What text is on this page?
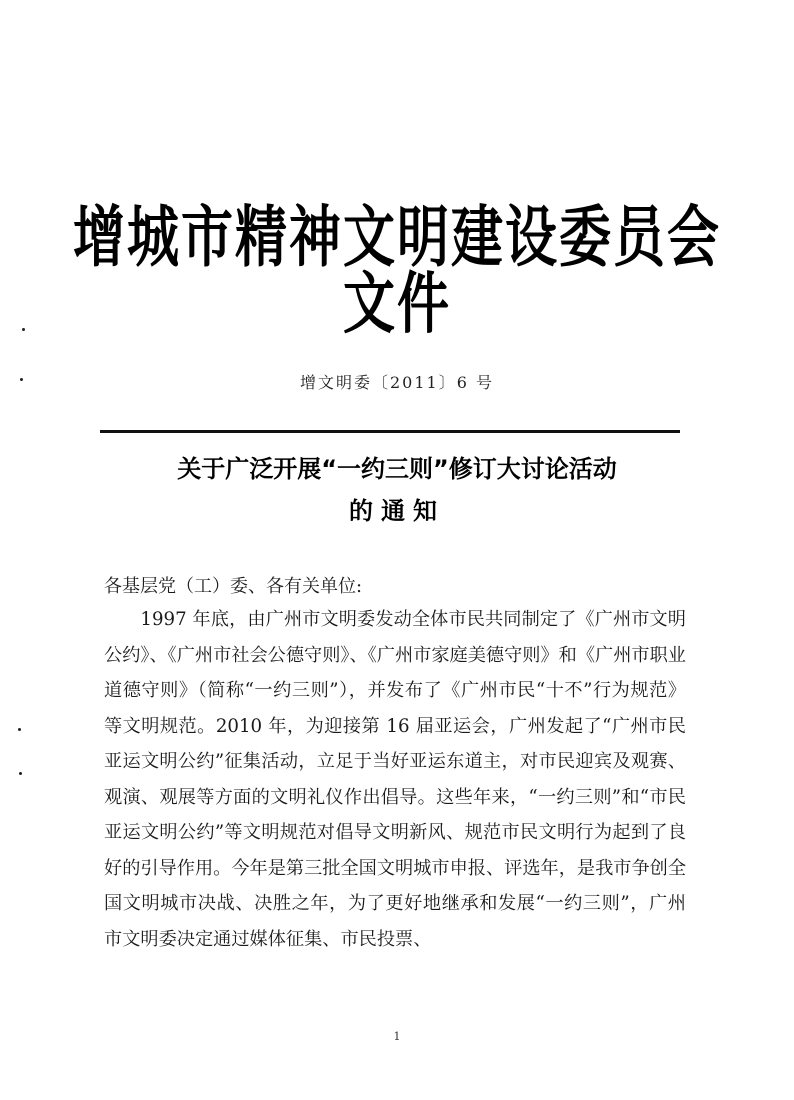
增城市精神文明建设委员会文件
增文明委〔2011〕6 号
关于广泛开展“一约三则”修订大讨论活动
的通知
各基层党（工）委、各有关单位:

1997 年底，由广州市文明委发动全体市民共同制定了《广州市文明公约》、《广州市社会公德守则》、《广州市家庭美德守则》和《广州市职业道德守则》（简称“一约三则”），并发布了《广州市民“十不”行为规范》等文明规范。2010 年，为迎接第 16 届亚运会，广州发起了“广州市民亚运文明公约”征集活动，立足于当好亚运东道主，对市民迎宾及观赛、观演、观展等方面的文明礼仪作出倡导。这些年来，“一约三则”和“市民亚运文明公约”等文明规范对倡导文明新风、规范市民文明行为起到了良好的引导作用。今年是第三批全国文明城市申报、评选年，是我市争创全国文明城市决战、决胜之年，为了更好地继承和发展“一约三则”，广州市文明委决定通过媒体征集、市民投票、

1
